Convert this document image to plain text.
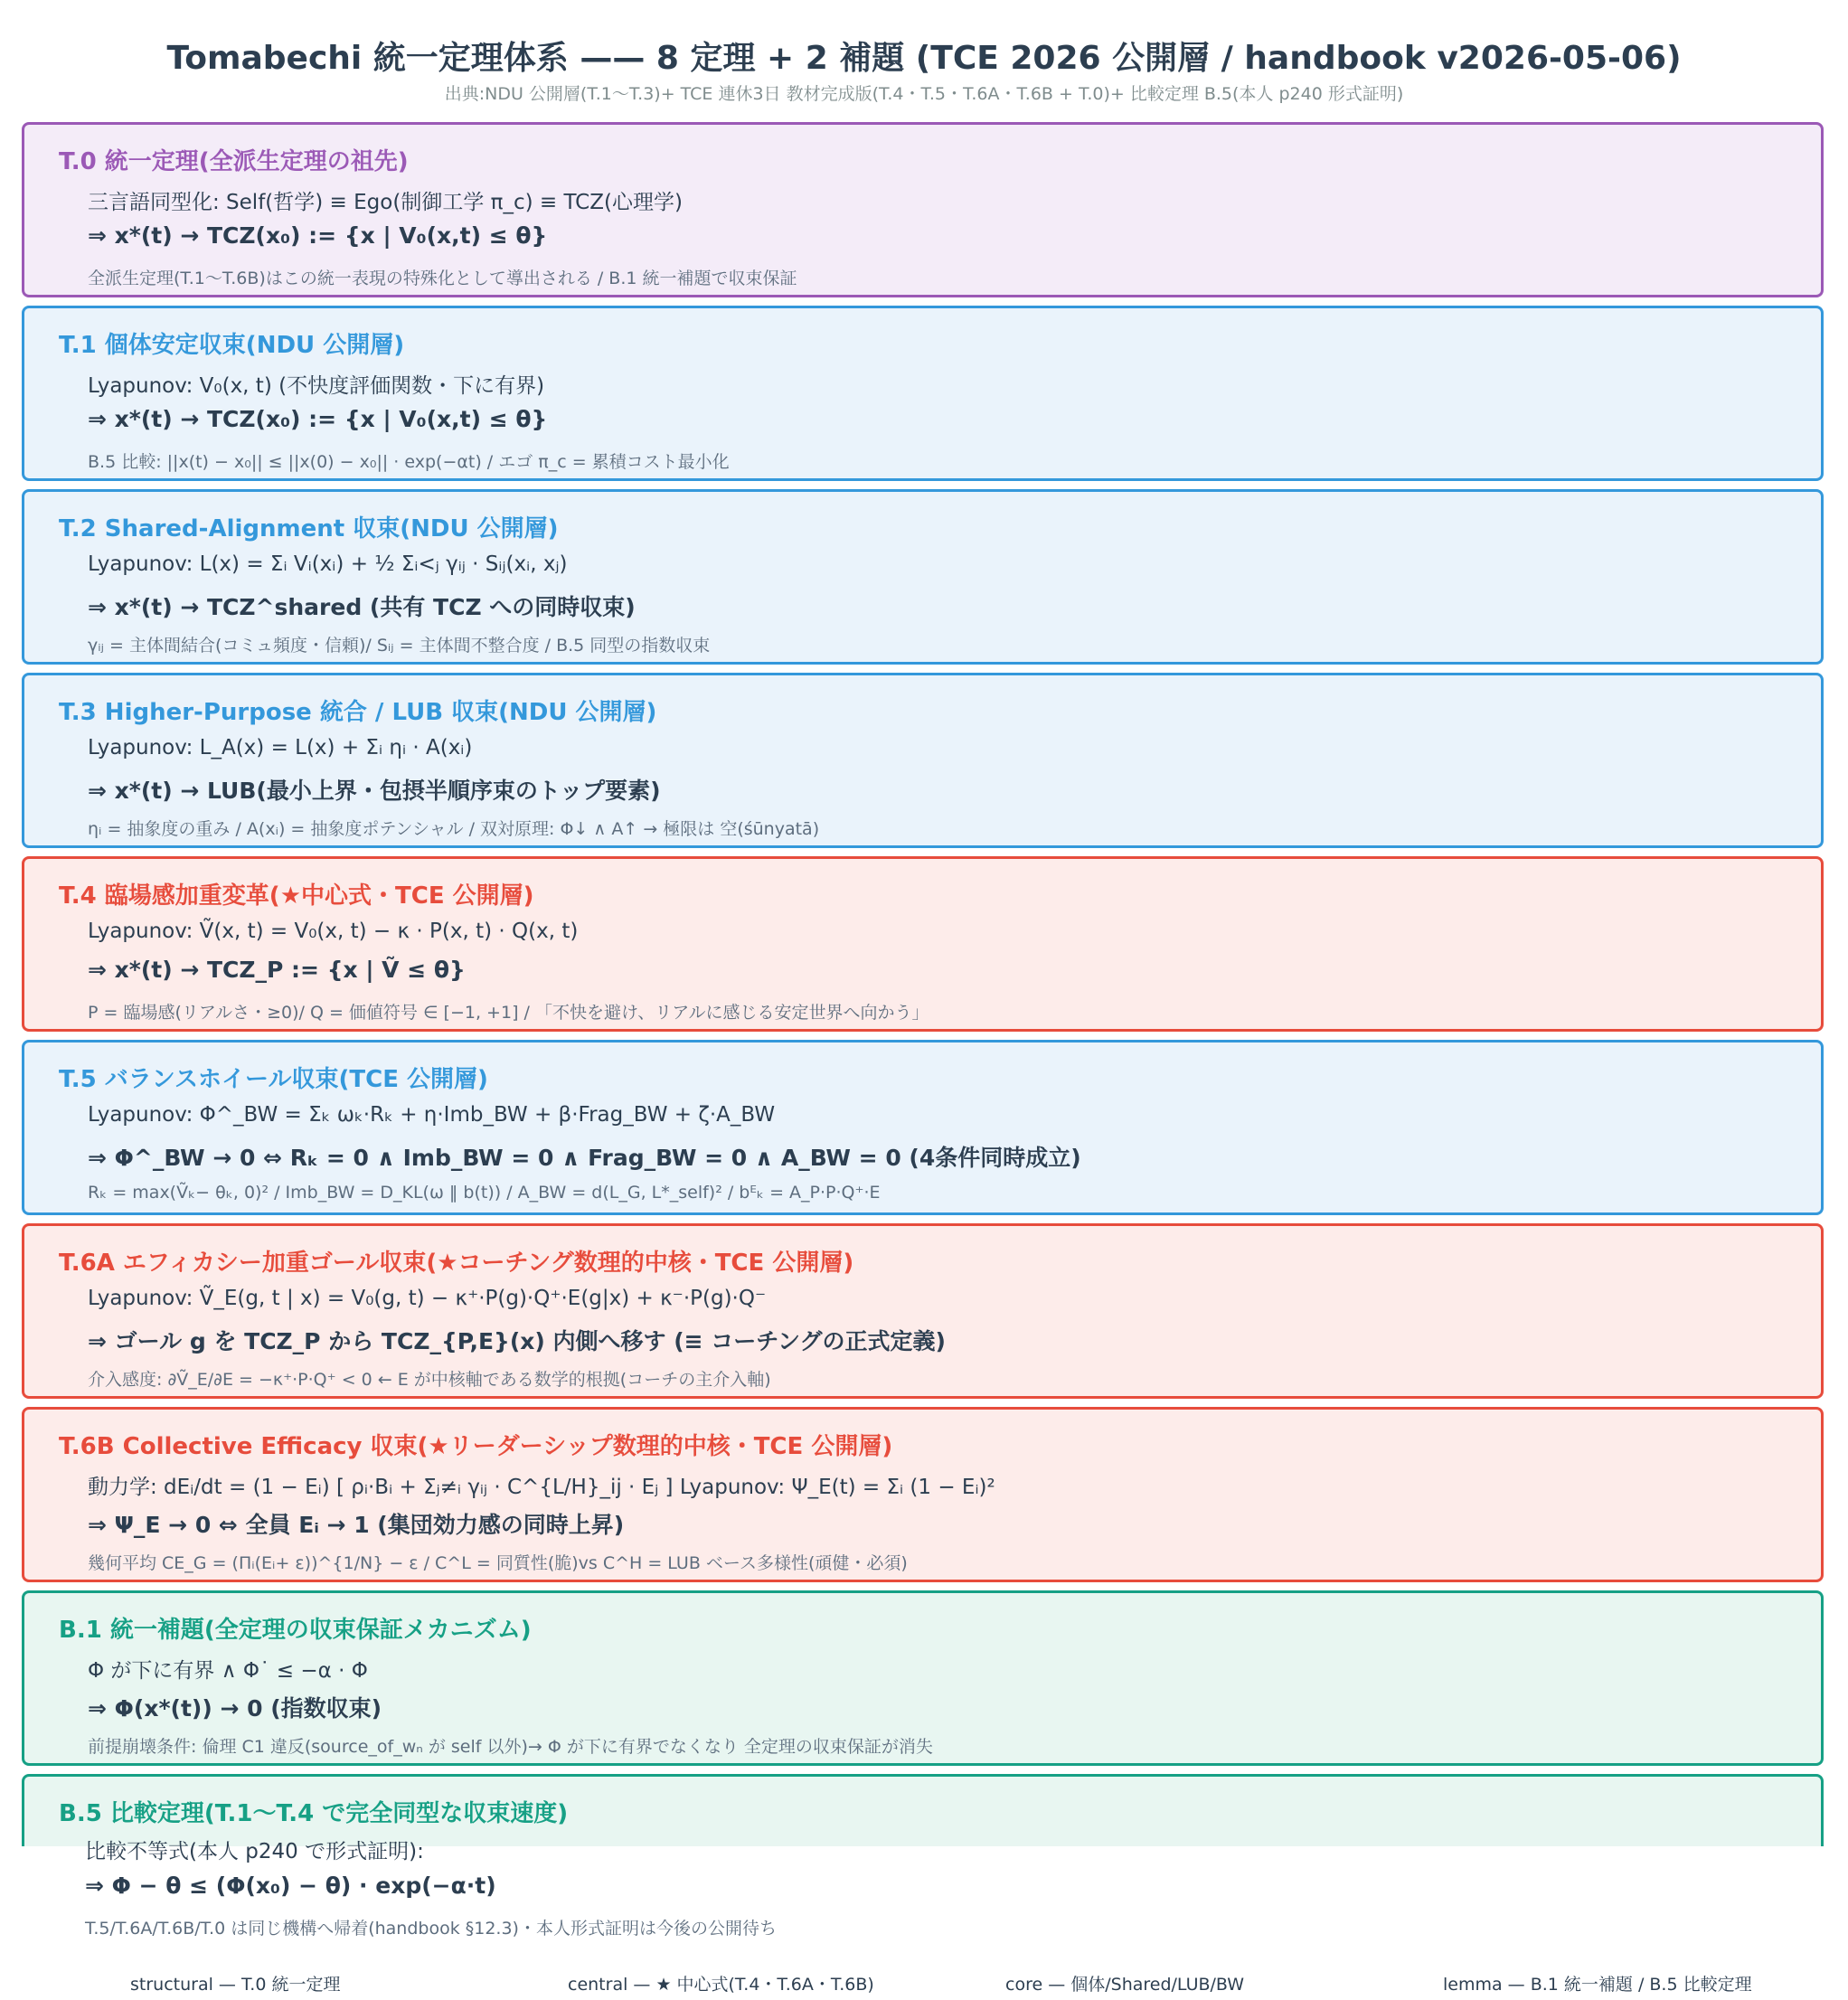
Tomabechi 統一定理体系 —— 8 定理 + 2 補題 (TCE 2026 公開層 / handbook v2026-05-06)
出典:NDU 公開層(T.1〜T.3)+ TCE 連休3日 教材完成版(T.4・T.5・T.6A・T.6B + T.0)+ 比較定理 B.5(本人 p240 形式証明)
T.0 統一定理(全派生定理の祖先)
三言語同型化: Self(哲学) ≡ Ego(制御工学 π_c) ≡ TCZ(心理学)
⇒ x*(t) → TCZ(x₀) := {x | V₀(x,t) ≤ θ}
全派生定理(T.1〜T.6B)はこの統一表現の特殊化として導出される / B.1 統一補題で収束保証
T.1 個体安定収束(NDU 公開層)
Lyapunov: V₀(x, t) (不快度評価関数・下に有界)
⇒ x*(t) → TCZ(x₀) := {x | V₀(x,t) ≤ θ}
B.5 比較: ||x(t) − x₀|| ≤ ||x(0) − x₀|| · exp(−αt) / エゴ π_c = 累積コスト最小化
T.2 Shared-Alignment 収束(NDU 公開層)
Lyapunov: L(x) = Σᵢ Vᵢ(xᵢ) + ½ Σᵢ<ⱼ γᵢⱼ · Sᵢⱼ(xᵢ, xⱼ)
⇒ x*(t) → TCZ^shared (共有 TCZ への同時収束)
γᵢⱼ = 主体間結合(コミュ頻度・信頼)/ Sᵢⱼ = 主体間不整合度 / B.5 同型の指数収束
T.3 Higher-Purpose 統合 / LUB 収束(NDU 公開層)
Lyapunov: L_A(x) = L(x) + Σᵢ ηᵢ · A(xᵢ)
⇒ x*(t) → LUB(最小上界・包摂半順序束のトップ要素)
ηᵢ = 抽象度の重み / A(xᵢ) = 抽象度ポテンシャル / 双対原理: Φ↓ ∧ A↑ → 極限は 空(śūnyatā)
T.4 臨場感加重変革(★中心式・TCE 公開層)
Lyapunov: Ṽ(x, t) = V₀(x, t) − κ · P(x, t) · Q(x, t)
⇒ x*(t) → TCZ_P := {x | Ṽ ≤ θ}
P = 臨場感(リアルさ・≥0)/ Q = 価値符号 ∈ [−1, +1] / 「不快を避け、リアルに感じる安定世界へ向かう」
T.5 バランスホイール収束(TCE 公開層)
Lyapunov: Φ^_BW = Σₖ ωₖ·Rₖ + η·Imb_BW + β·Frag_BW + ζ·A_BW
⇒ Φ^_BW → 0 ⇔ Rₖ = 0 ∧ Imb_BW = 0 ∧ Frag_BW = 0 ∧ A_BW = 0 (4条件同時成立)
Rₖ = max(Ṽₖ− θₖ, 0)² / Imb_BW = D_KL(ω ‖ b(t)) / A_BW = d(L_G, L*_self)² / bᴱₖ = A_P·P·Q⁺·E
T.6A エフィカシー加重ゴール収束(★コーチング数理的中核・TCE 公開層)
Lyapunov: Ṽ_E(g, t | x) = V₀(g, t) − κ⁺·P(g)·Q⁺·E(g|x) + κ⁻·P(g)·Q⁻
⇒ ゴール g を TCZ_P から TCZ_{P,E}(x) 内側へ移す (≡ コーチングの正式定義)
介入感度: ∂Ṽ_E/∂E = −κ⁺·P·Q⁺ < 0 ← E が中核軸である数学的根拠(コーチの主介入軸)
T.6B Collective Efficacy 収束(★リーダーシップ数理的中核・TCE 公開層)
動力学: dEᵢ/dt = (1 − Eᵢ) [ ρᵢ·Bᵢ + Σⱼ≠ᵢ γᵢⱼ · C^{L/H}_ij · Eⱼ ] Lyapunov: Ψ_E(t) = Σᵢ (1 − Eᵢ)²
⇒ Ψ_E → 0 ⇔ 全員 Eᵢ → 1 (集団効力感の同時上昇)
幾何平均 CE_G = (Πᵢ(Eᵢ+ ε))^{1/N} − ε / C^L = 同質性(脆)vs C^H = LUB ベース多様性(頑健・必須)
B.1 統一補題(全定理の収束保証メカニズム)
Φ が下に有界 ∧ Φ˙ ≤ −α · Φ
⇒ Φ(x*(t)) → 0 (指数収束)
前提崩壊条件: 倫理 C1 違反(source_of_wₙ が self 以外)→ Φ が下に有界でなくなり 全定理の収束保証が消失
B.5 比較定理(T.1〜T.4 で完全同型な収束速度)
比較不等式(本人 p240 で形式証明):
⇒ Φ − θ ≤ (Φ(x₀) − θ) · exp(−α·t)
T.5/T.6A/T.6B/T.0 は同じ機構へ帰着(handbook §12.3)・本人形式証明は今後の公開待ち
structural — T.0 統一定理	central — ★ 中心式(T.4・T.6A・T.6B)	core — 個体/Shared/LUB/BW	lemma — B.1 統一補題 / B.5 比較定理
